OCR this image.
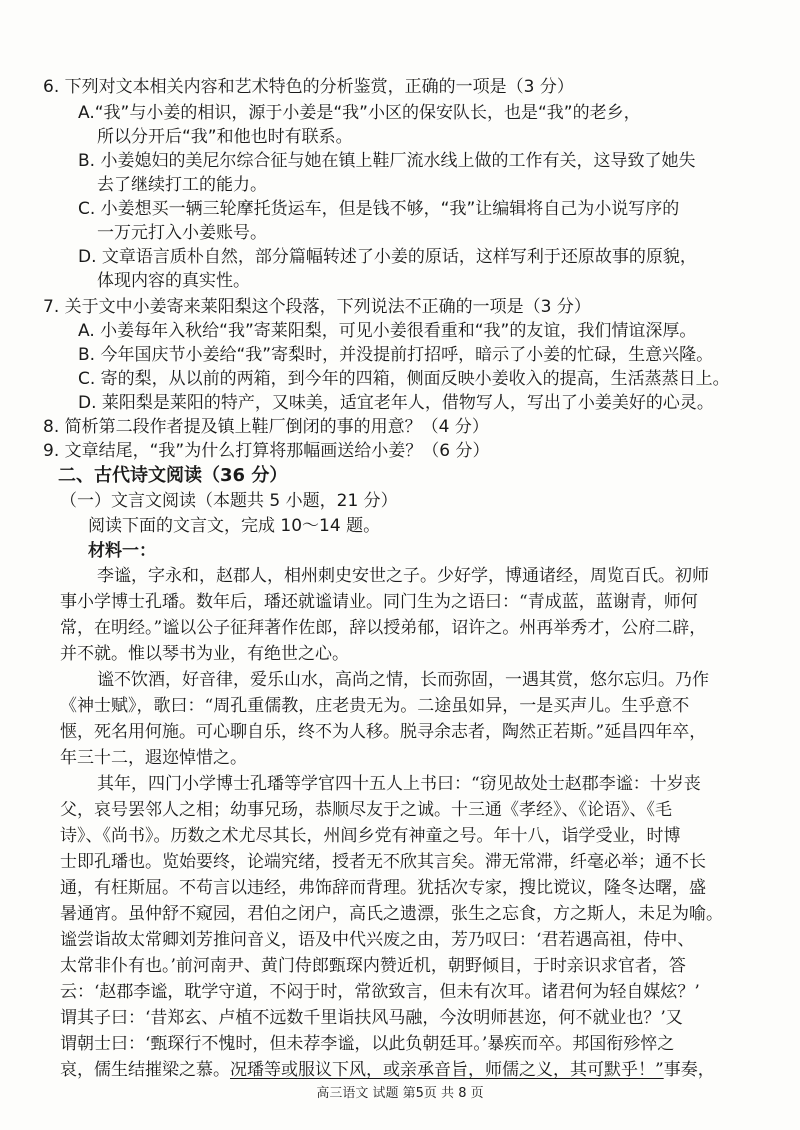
6. 下列对文本相关内容和艺术特色的分析鉴赏，正确的一项是（3 分）

A.“我”与小姜的相识，源于小姜是“我”小区的保安队长，也是“我”的老乡，

所以分开后“我”和他也时有联系。

B. 小姜媳妇的美尼尔综合征与她在镇上鞋厂流水线上做的工作有关，这导致了她失

去了继续打工的能力。

C. 小姜想买一辆三轮摩托货运车，但是钱不够，“我”让编辑将自己为小说写序的

一万元打入小姜账号。

D. 文章语言质朴自然，部分篇幅转述了小姜的原话，这样写利于还原故事的原貌，

体现内容的真实性。

7. 关于文中小姜寄来莱阳梨这个段落，下列说法不正确的一项是（3 分）

A. 小姜每年入秋给“我”寄莱阳梨，可见小姜很看重和“我”的友谊，我们情谊深厚。

B. 今年国庆节小姜给“我”寄梨时，并没提前打招呼，暗示了小姜的忙碌，生意兴隆。

C. 寄的梨，从以前的两箱，到今年的四箱，侧面反映小姜收入的提高，生活蒸蒸日上。

D. 莱阳梨是莱阳的特产，又味美，适宜老年人，借物写人，写出了小姜美好的心灵。

8. 简析第二段作者提及镇上鞋厂倒闭的事的用意？（4 分）

9. 文章结尾，“我”为什么打算将那幅画送给小姜？（6 分）

二、古代诗文阅读（36 分）

（一）文言文阅读（本题共 5 小题，21 分）

阅读下面的文言文，完成 10～14 题。

材料一：

李谧，字永和，赵郡人，相州刺史安世之子。少好学，博通诸经，周览百氏。初师

事小学博士孔璠。数年后，璠还就谧请业。同门生为之语曰：“青成蓝，蓝谢青，师何

常，在明经。”谧以公子征拜著作佐郎，辞以授弟郁，诏许之。州再举秀才，公府二辟，

并不就。惟以琴书为业，有绝世之心。

谧不饮酒，好音律，爱乐山水，高尚之情，长而弥固，一遇其赏，悠尔忘归。乃作

《神士赋》，歌曰：“周孔重儒教，庄老贵无为。二途虽如异，一是买声儿。生乎意不

惬，死名用何施。可心聊自乐，终不为人移。脱寻余志者，陶然正若斯。”延昌四年卒，

年三十二，遐迩悼惜之。

其年，四门小学博士孔璠等学官四十五人上书曰：“窃见故处士赵郡李谧：十岁丧

父，哀号罢邻人之相；幼事兄玚，恭顺尽友于之诚。十三通《孝经》、《论语》、《毛

诗》、《尚书》。历数之术尤尽其长，州闾乡党有神童之号。年十八，诣学受业，时博

士即孔璠也。览始要终，论端究绪，授者无不欣其言矣。滞无常滞，纤毫必举；通不长

通，有枉斯屈。不苟言以违经，弗饰辞而背理。犹括次专家，搜比谠议，隆冬达曙，盛

暑通宵。虽仲舒不窥园，君伯之闭户，高氏之遗漂，张生之忘食，方之斯人，未足为喻。

谧尝诣故太常卿刘芳推问音义，语及中代兴废之由，芳乃叹曰：‘君若遇高祖，侍中、

太常非仆有也。’前河南尹、黄门侍郎甄琛内赞近机，朝野倾目，于时亲识求官者，答

云：‘赵郡李谧，耽学守道，不闷于时，常欲致言，但未有次耳。诸君何为轻自媒炫？’

谓其子曰：‘昔郑玄、卢植不远数千里诣扶风马融，今汝明师甚迩，何不就业也？’又

谓朝士曰：‘甄琛行不愧时，但未荐李谧，以此负朝廷耳。’暴疾而卒。邦国衔殄悴之

哀，儒生结摧梁之慕。况璠等或服议下风，或亲承音旨，师儒之义，其可默乎！”事奏，

高三语文 试题 第5页 共 8 页
